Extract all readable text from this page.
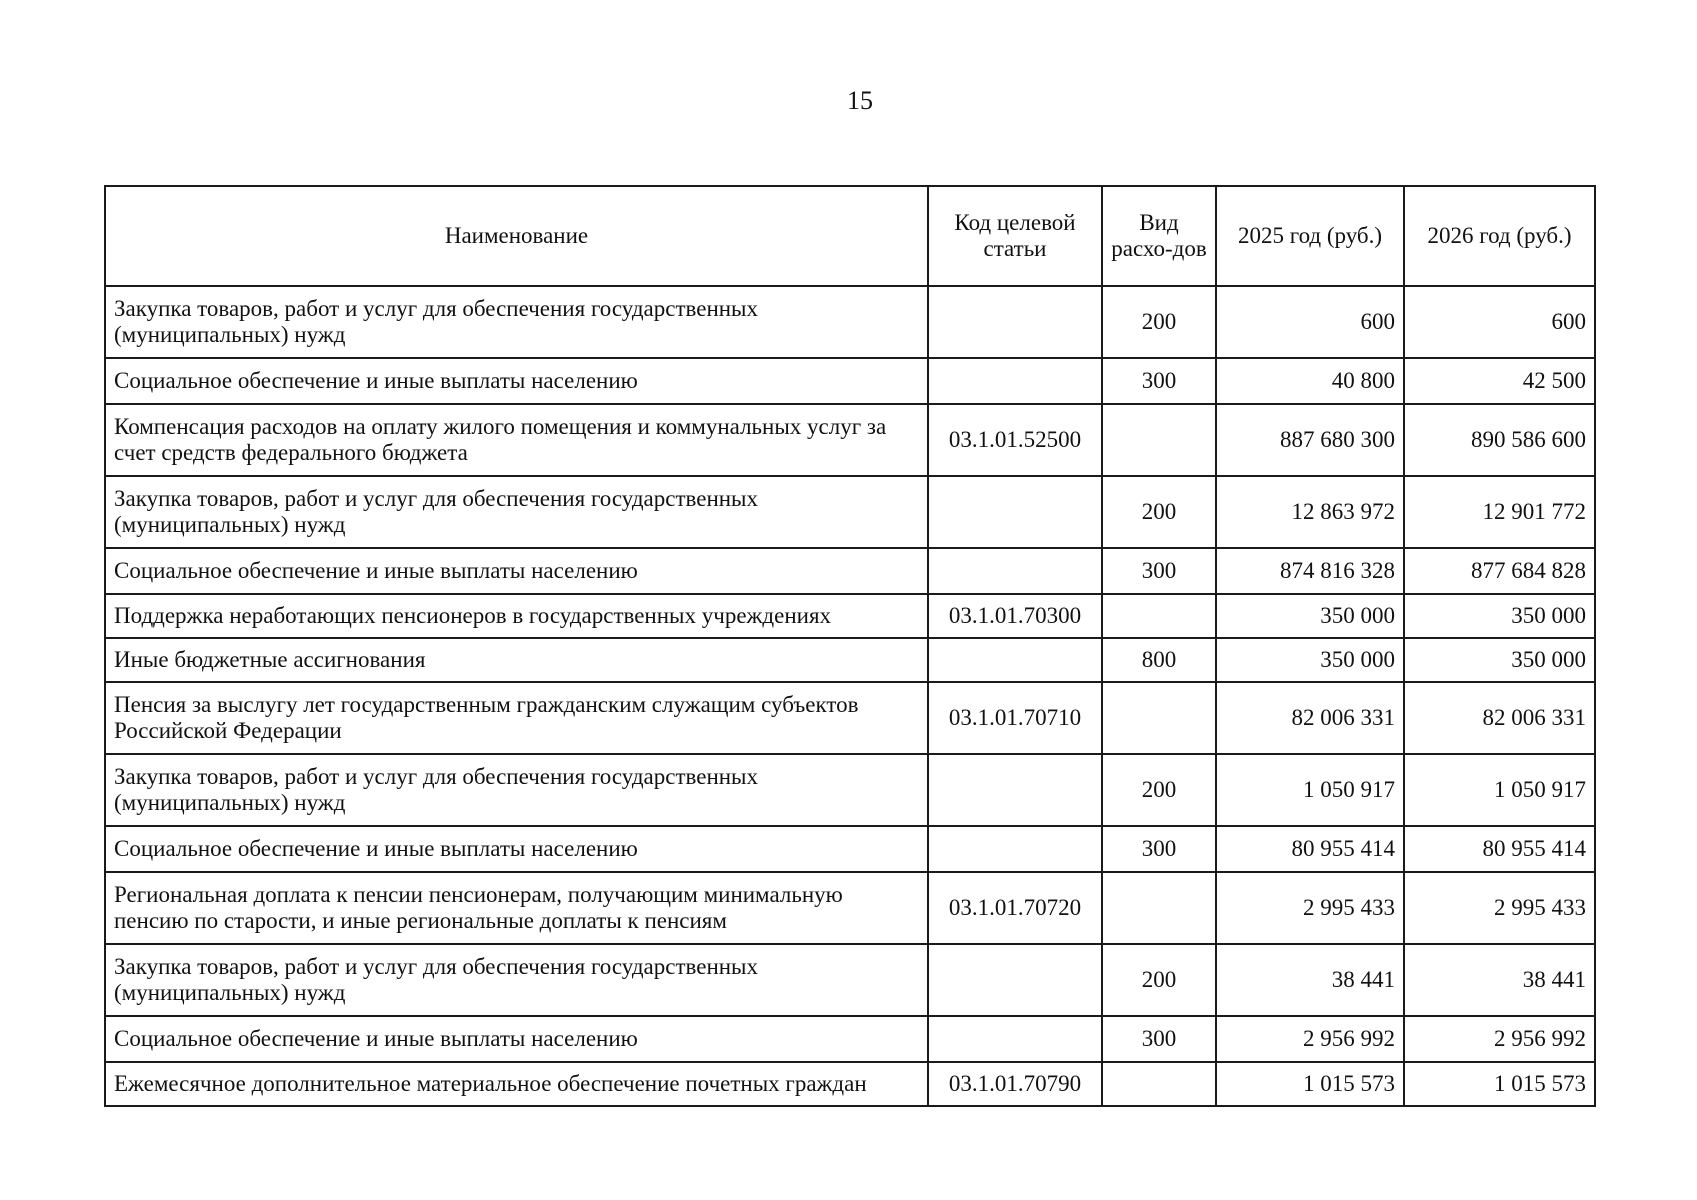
15
Наименование	Код целевой статьи	Вид расхо-дов	2025 год (руб.)	2026 год (руб.)
Закупка товаров, работ и услуг для обеспечения государственных (муниципальных) нужд		200	600	600
Социальное обеспечение и иные выплаты населению		300	40 800	42 500
Компенсация расходов на оплату жилого помещения и коммунальных услуг за счет средств федерального бюджета	03.1.01.52500		887 680 300	890 586 600
Закупка товаров, работ и услуг для обеспечения государственных (муниципальных) нужд		200	12 863 972	12 901 772
Социальное обеспечение и иные выплаты населению		300	874 816 328	877 684 828
Поддержка неработающих пенсионеров в государственных учреждениях	03.1.01.70300		350 000	350 000
Иные бюджетные ассигнования		800	350 000	350 000
Пенсия за выслугу лет государственным гражданским служащим субъектов Российской Федерации	03.1.01.70710		82 006 331	82 006 331
Закупка товаров, работ и услуг для обеспечения государственных (муниципальных) нужд		200	1 050 917	1 050 917
Социальное обеспечение и иные выплаты населению		300	80 955 414	80 955 414
Региональная доплата к пенсии пенсионерам, получающим минимальную пенсию по старости, и иные региональные доплаты к пенсиям	03.1.01.70720		2 995 433	2 995 433
Закупка товаров, работ и услуг для обеспечения государственных (муниципальных) нужд		200	38 441	38 441
Социальное обеспечение и иные выплаты населению		300	2 956 992	2 956 992
Ежемесячное дополнительное материальное обеспечение почетных граждан	03.1.01.70790		1 015 573	1 015 573
